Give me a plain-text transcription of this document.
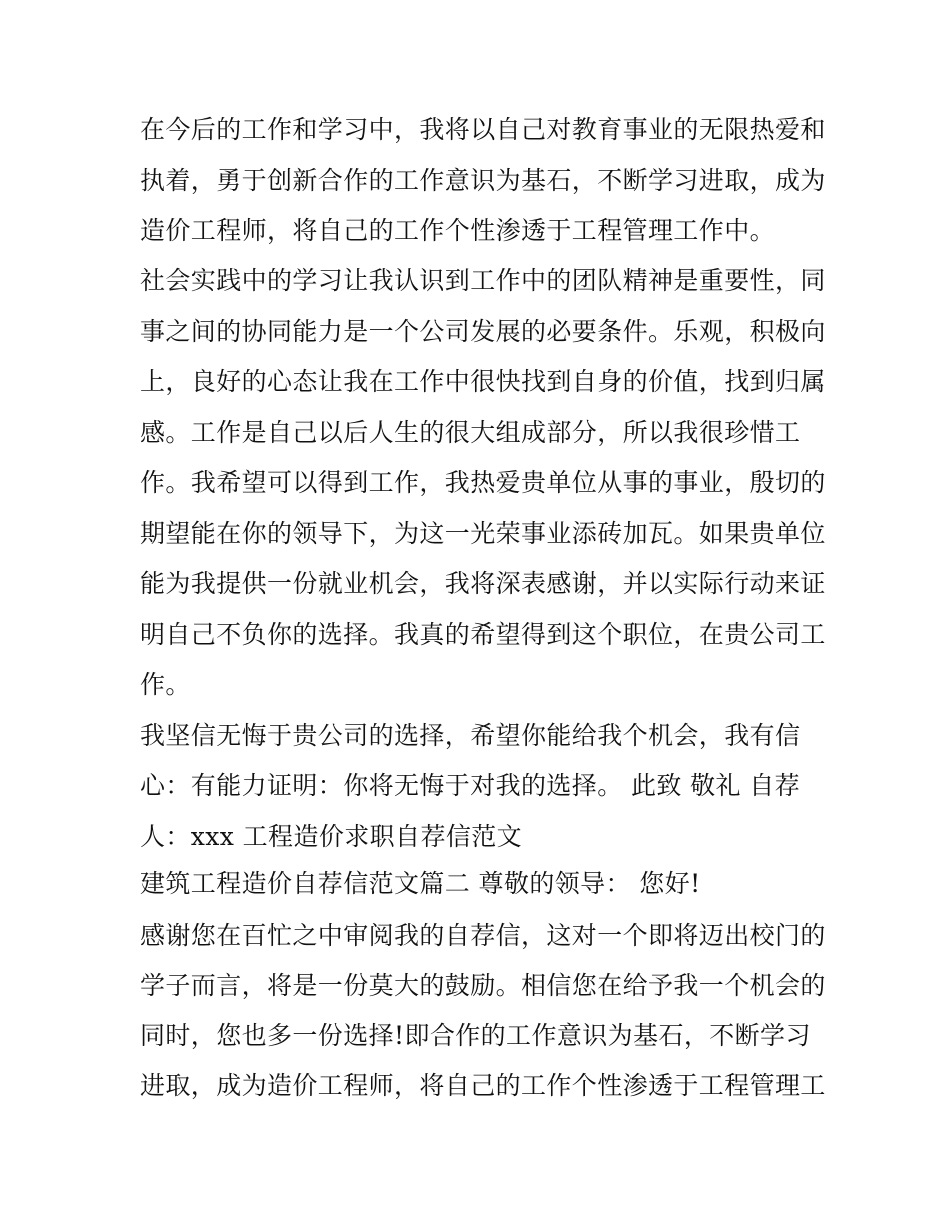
在今后的工作和学习中，我将以自己对教育事业的无限热爱和
执着，勇于创新合作的工作意识为基石，不断学习进取，成为
造价工程师，将自己的工作个性渗透于工程管理工作中。
社会实践中的学习让我认识到工作中的团队精神是重要性，同
事之间的协同能力是一个公司发展的必要条件。乐观，积极向
上，良好的心态让我在工作中很快找到自身的价值，找到归属
感。工作是自己以后人生的很大组成部分，所以我很珍惜工
作。我希望可以得到工作，我热爱贵单位从事的事业，殷切的
期望能在你的领导下，为这一光荣事业添砖加瓦。如果贵单位
能为我提供一份就业机会，我将深表感谢，并以实际行动来证
明自己不负你的选择。我真的希望得到这个职位，在贵公司工
作。
我坚信无悔于贵公司的选择，希望你能给我个机会，我有信
心：有能力证明：你将无悔于对我的选择。 此致 敬礼 自荐
人：xxx 工程造价求职自荐信范文
建筑工程造价自荐信范文篇二 尊敬的领导： 您好!
感谢您在百忙之中审阅我的自荐信，这对一个即将迈出校门的
学子而言，将是一份莫大的鼓励。相信您在给予我一个机会的
同时，您也多一份选择!即合作的工作意识为基石，不断学习
进取，成为造价工程师，将自己的工作个性渗透于工程管理工
